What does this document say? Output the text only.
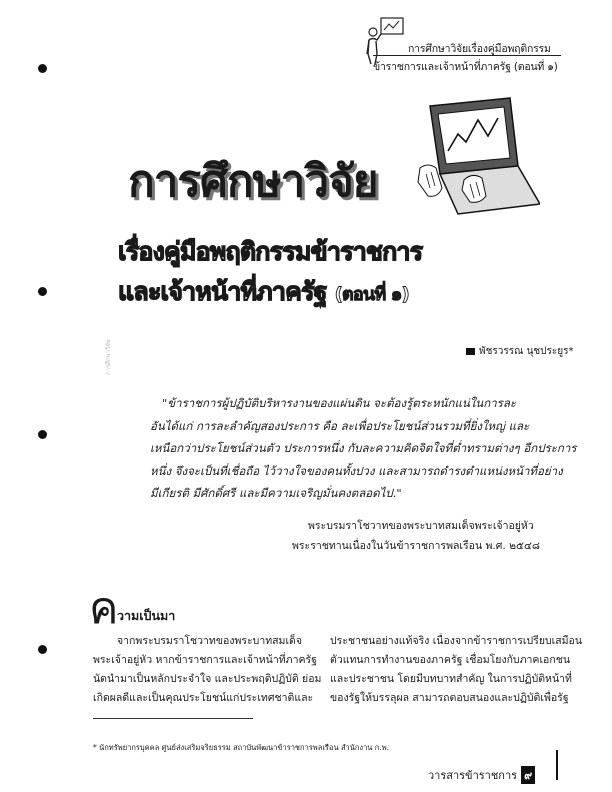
การศึกษาวิจัยเรื่องคู่มือพฤติกรรม
ข้าราชการและเจ้าหน้าที่ภาครัฐ (ตอนที่ ๑)
การศึกษาวิจัย
การศึกษาวิจัย
เรื่องคู่มือพฤติกรรมข้าราชการ
และเจ้าหน้าที่ภาครัฐ (ตอนที่ ๑)
พัชรวรรณ นุชประยูร*

"ข้าราชการผู้ปฏิบัติบริหารงานของแผ่นดิน จะต้องรู้ตระหนักแน่ในการละ

อันได้แก่ การละลำคัญสองประการ คือ ละเพื่อประโยชน์ส่วนรวมที่ยิ่งใหญ่ และ

เหนือกว่าประโยชน์ส่วนตัว ประการหนึ่ง กับละความคิดจิตใจที่ต่ำทรามต่างๆ อีกประการ

หนึ่ง จึงจะเป็นที่เชื่อถือ ไว้วางใจของคนทั้งปวง และสามารถดำรงตำแหน่งหน้าที่อย่าง

มีเกียรติ มีศักดิ์ศรี และมีความเจริญมั่นคงตลอดไป."

พระบรมราโชวาทของพระบาทสมเด็จพระเจ้าอยู่หัว
พระราชทานเนื่องในวันข้าราชการพลเรือน พ.ศ. ๒๕๔๘
ค
วามเป็นมา

จากพระบรมราโชวาทของพระบาทสมเด็จ

พระเจ้าอยู่หัว หากข้าราชการและเจ้าหน้าที่ภาครัฐ

นัดนำมาเป็นหลักประจำใจ และประพฤติปฏิบัติ ย่อม

เกิดผลดีและเป็นคุณประโยชน์แก่ประเทศชาติและ

ประชาชนอย่างแท้จริง เนื่องจากข้าราชการเปรียบเสมือน

ตัวแทนการทำงานของภาครัฐ เชื่อมโยงกับภาคเอกชน

และประชาชน โดยมีบทบาทสำคัญ ในการปฏิบัติหน้าที่

ของรัฐให้บรรลุผล สามารถตอบสนองและปฏิบัติเพื่อรัฐ

* นักทรัพยากรบุคคล ศูนย์ส่งเสริมจริยธรรม สถาบันพัฒนาข้าราชการพลเรือน สำนักงาน ก.พ.
วารสารข้าราชการ ๙
